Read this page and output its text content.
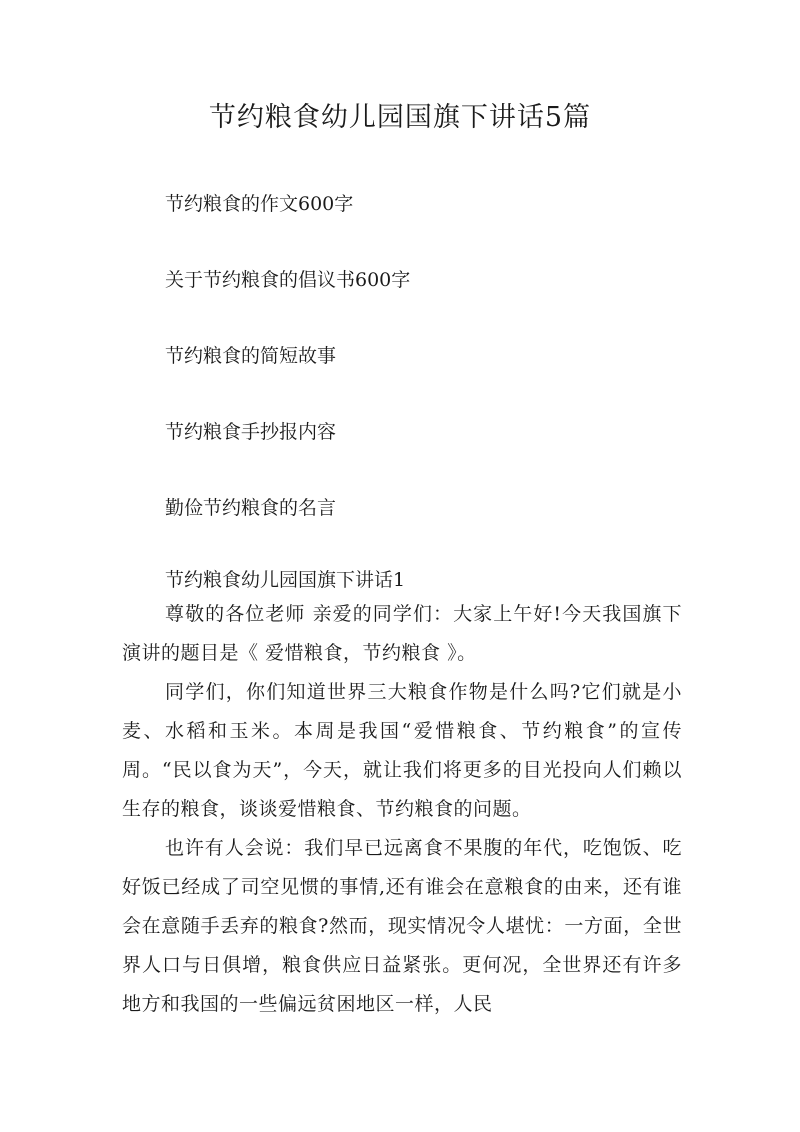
节约粮食幼儿园国旗下讲话5篇
节约粮食的作文600字
关于节约粮食的倡议书600字
节约粮食的简短故事
节约粮食手抄报内容
勤俭节约粮食的名言
节约粮食幼儿园国旗下讲话1

尊敬的各位老师 亲爱的同学们：大家上午好!今天我国旗下演讲的题目是《 爱惜粮食，节约粮食 》。

同学们，你们知道世界三大粮食作物是什么吗?它们就是小麦、水稻和玉米。本周是我国“爱惜粮食、节约粮食”的宣传周。“民以食为天”，今天，就让我们将更多的目光投向人们赖以生存的粮食，谈谈爱惜粮食、节约粮食的问题。

也许有人会说：我们早已远离食不果腹的年代，吃饱饭、吃好饭已经成了司空见惯的事情,还有谁会在意粮食的由来，还有谁会在意随手丢弃的粮食?然而，现实情况令人堪忧：一方面，全世界人口与日俱增，粮食供应日益紧张。更何况，全世界还有许多地方和我国的一些偏远贫困地区一样，人民
